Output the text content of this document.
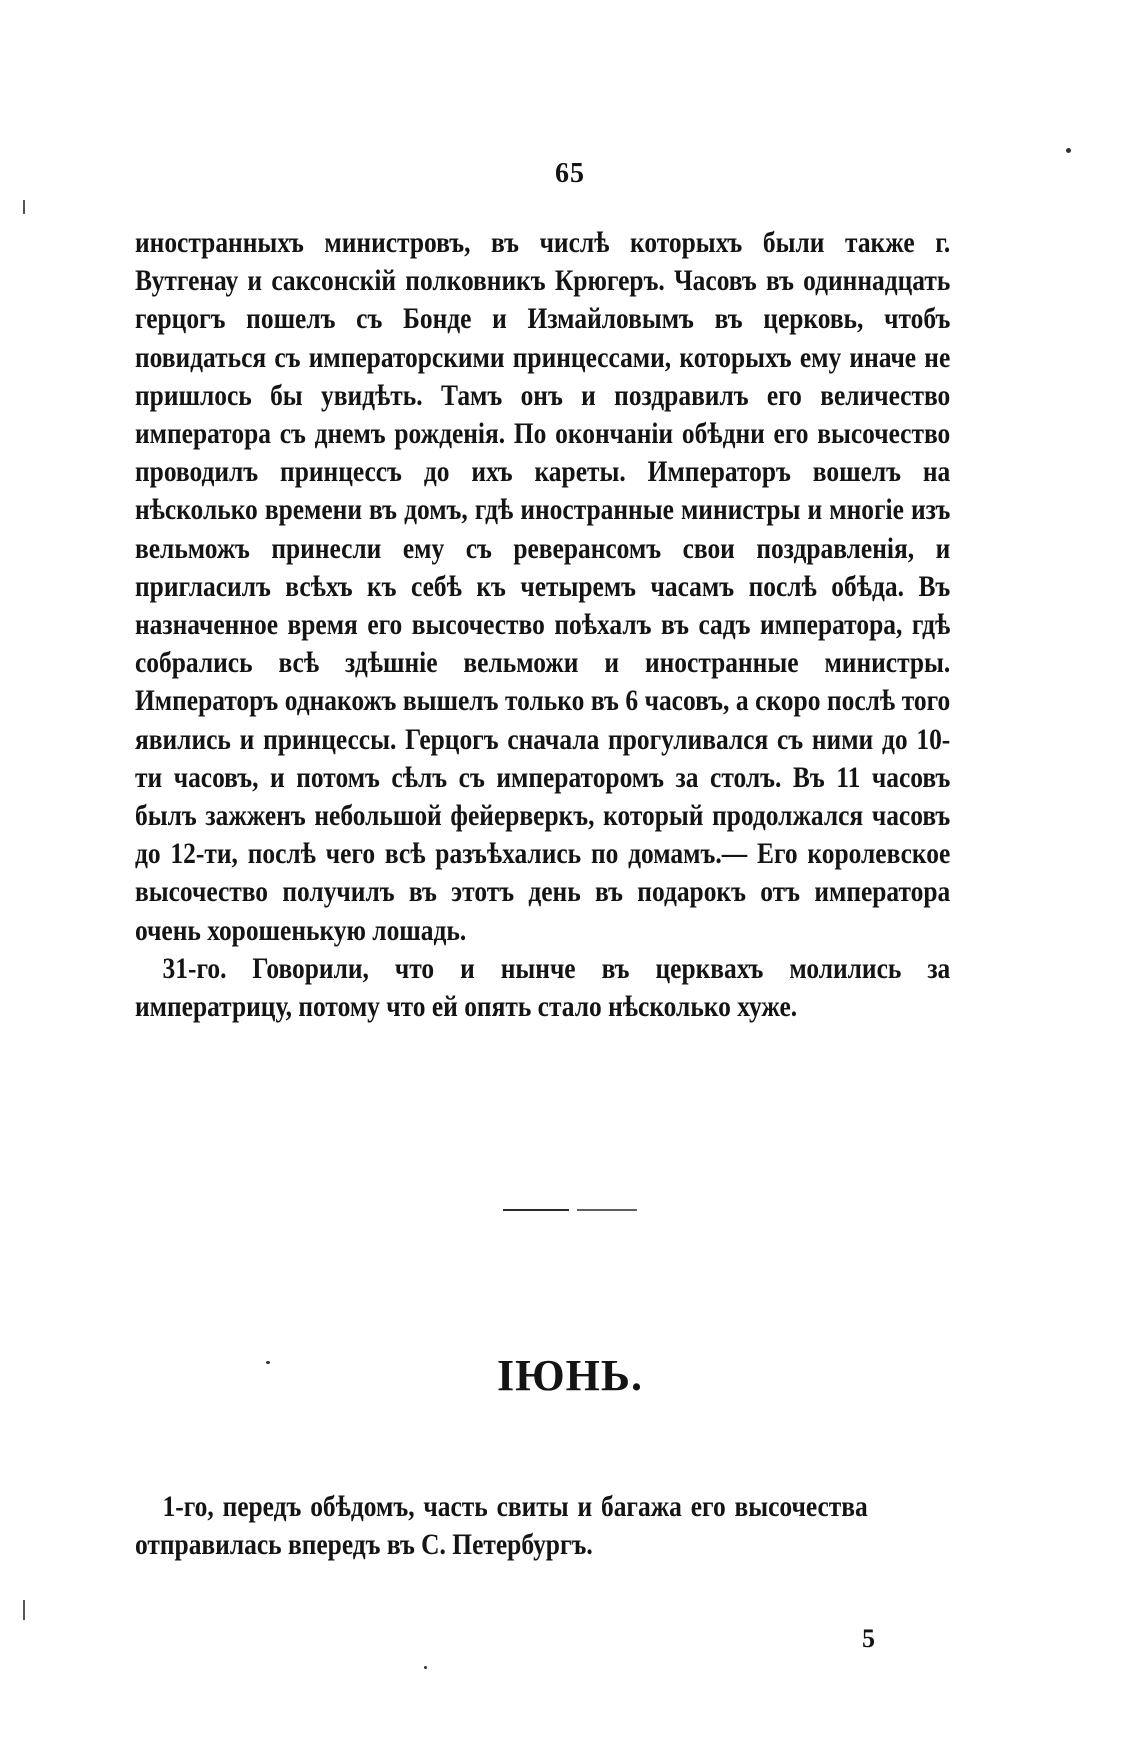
65

иностранныхъ министровъ, въ числѣ которыхъ были также г. Вутгенау и саксонскій полковникъ Крюгеръ. Часовъ въ одиннадцать герцогъ пошелъ съ Бонде и Измайловымъ въ церковь, чтобъ повидаться съ императорскими принцессами, которыхъ ему иначе не пришлось бы увидѣть. Тамъ онъ и поздравилъ его величество императора съ днемъ рожденія. По окончаніи обѣдни его высочество проводилъ принцессъ до ихъ кареты. Императоръ вошелъ на нѣсколько времени въ домъ, гдѣ иностранные министры и многіе изъ вельможъ принесли ему съ реверансомъ свои поздравленія, и пригласилъ всѣхъ къ себѣ къ четыремъ часамъ послѣ обѣда. Въ назначенное время его высочество поѣхалъ въ садъ императора, гдѣ собрались всѣ здѣшніе вельможи и иностранные министры. Императоръ однакожъ вышелъ только въ 6 часовъ, а скоро послѣ того явились и принцессы. Герцогъ сначала прогуливался съ ними до 10-ти часовъ, и потомъ сѣлъ съ императоромъ за столъ. Въ 11 часовъ былъ зажженъ небольшой фейерверкъ, который продолжался часовъ до 12-ти, послѣ чего всѣ разъѣхались по домамъ.— Его королевское высочество получилъ въ этотъ день въ подарокъ отъ императора очень хорошенькую лошадь.

31-го. Говорили, что и нынче въ церквахъ молились за императрицу, потому что ей опять стало нѣсколько хуже.

ІЮНЬ.

1-го, передъ обѣдомъ, часть свиты и багажа его высочества отправилась впередъ въ С. Петербургъ.

5
